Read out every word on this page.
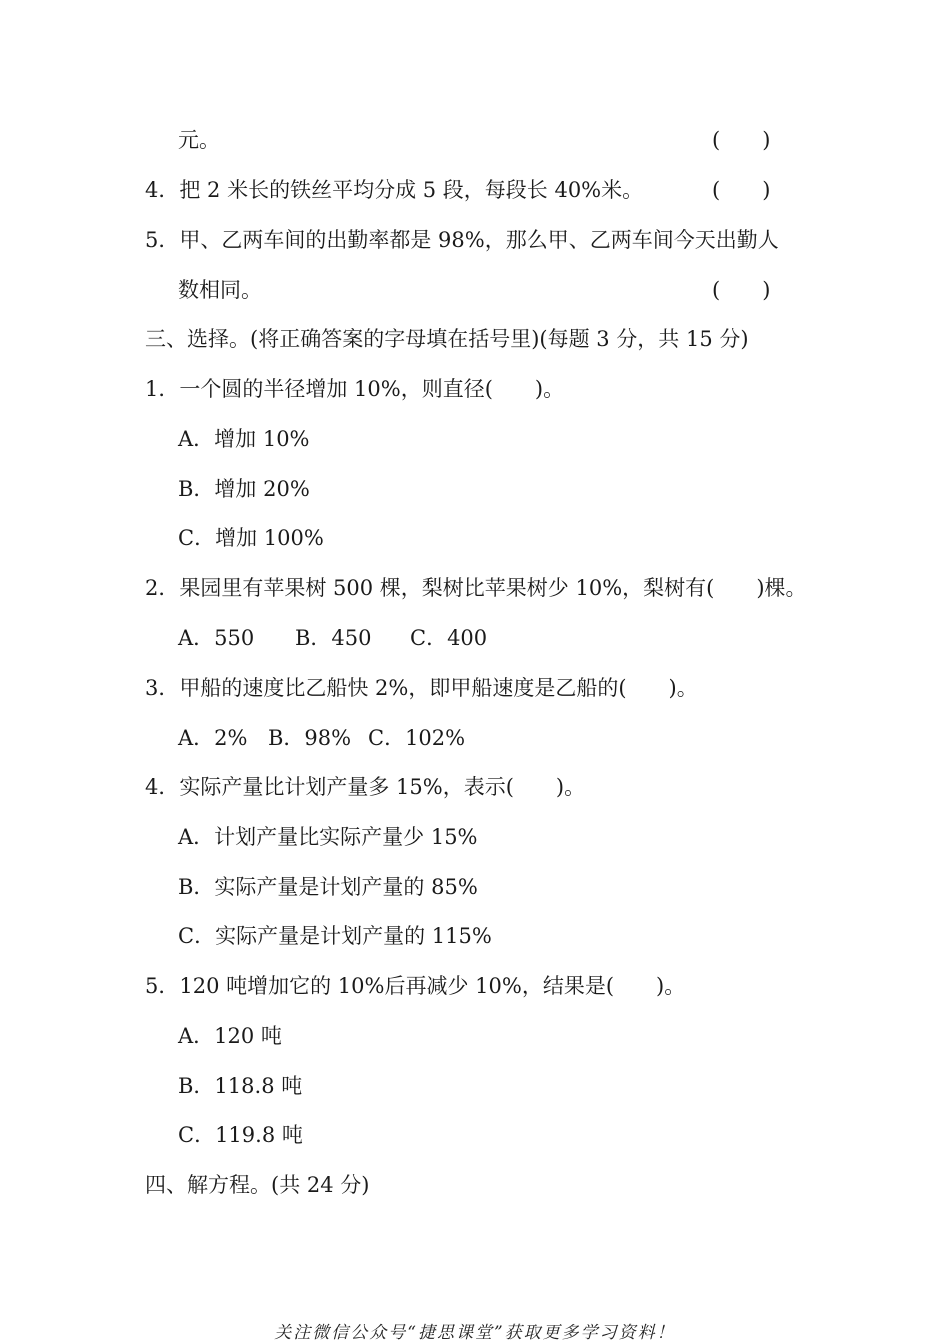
元。	(　　)
4．把 2 米长的铁丝平均分成 5 段，每段长 40%米。	(　　)
5．甲、乙两车间的出勤率都是 98%，那么甲、乙两车间今天出勤人
数相同。	(　　)
三、选择。(将正确答案的字母填在括号里)(每题 3 分，共 15 分)
1．一个圆的半径增加 10%，则直径(　　)。
A．增加 10%
B．增加 20%
C．增加 100%
2．果园里有苹果树 500 棵，梨树比苹果树少 10%，梨树有(　　)棵。
A．550 B．450 C．400
3．甲船的速度比乙船快 2%，即甲船速度是乙船的(　　)。
A．2% B．98% C．102%
4．实际产量比计划产量多 15%，表示(　　)。
A．计划产量比实际产量少 15%
B．实际产量是计划产量的 85%
C．实际产量是计划产量的 115%
5．120 吨增加它的 10%后再减少 10%，结果是(　　)。
A．120 吨
B．118.8 吨
C．119.8 吨
四、解方程。(共 24 分)
关注微信公众号“捷思课堂”获取更多学习资料！
